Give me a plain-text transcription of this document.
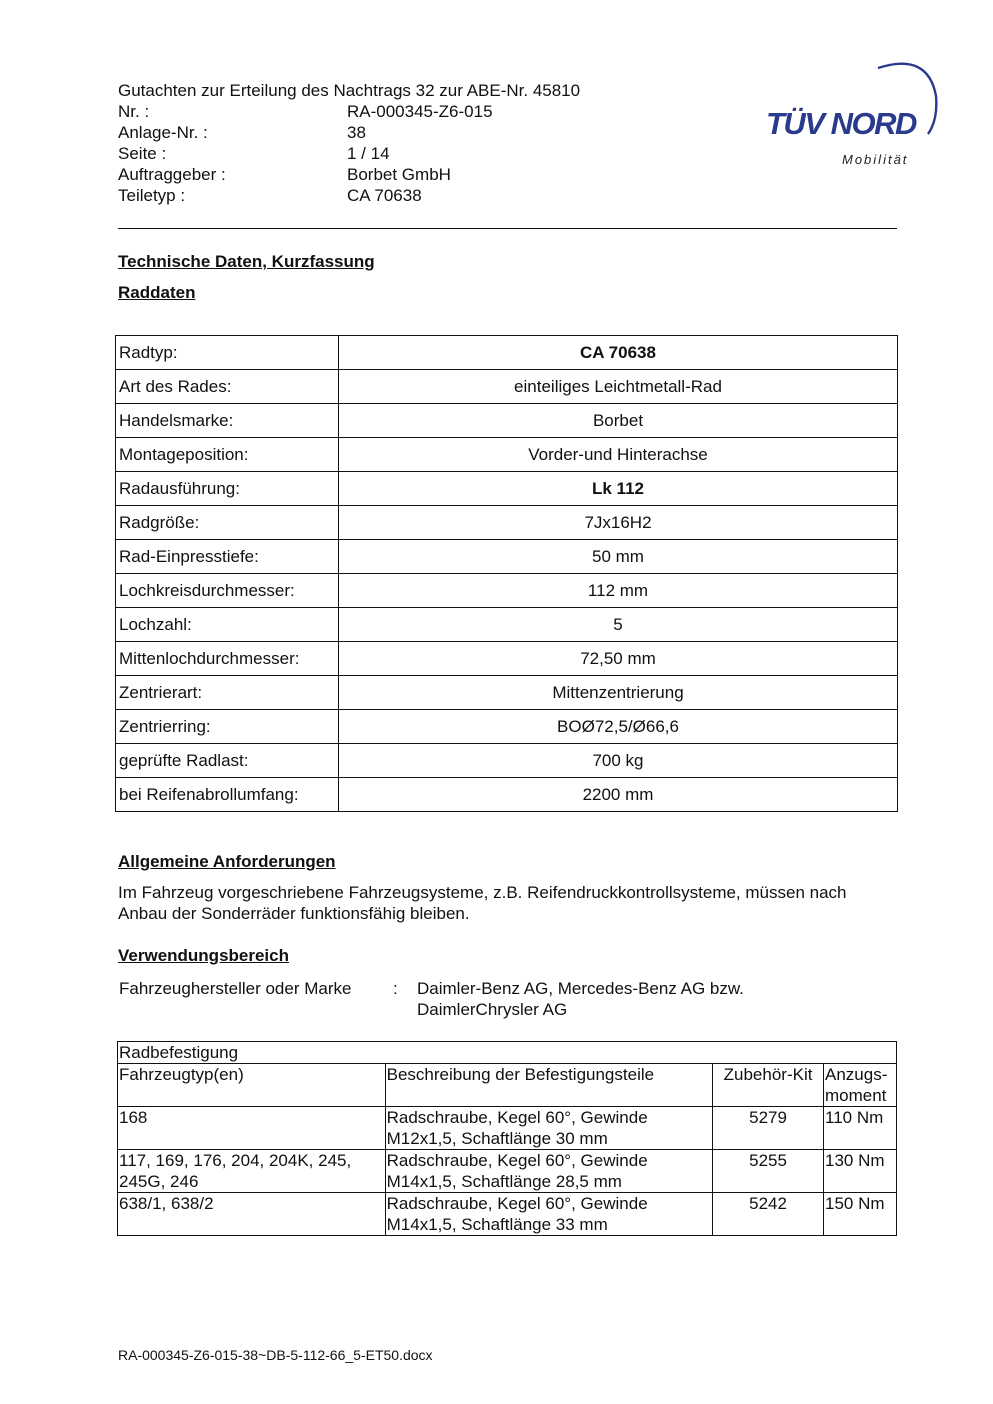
Gutachten zur Erteilung des Nachtrags 32 zur ABE-Nr. 45810
Nr. :	RA-000345-Z6-015
Anlage-Nr. :	38
Seite :	1 / 14
Auftraggeber :	Borbet GmbH
Teiletyp :	CA 70638
TÜV NORD
Mobilität
Technische Daten, Kurzfassung
Raddaten
Radtyp:	CA 70638
Art des Rades:	einteiliges Leichtmetall-Rad
Handelsmarke:	Borbet
Montageposition:	Vorder-und Hinterachse
Radausführung:	Lk 112
Radgröße:	7Jx16H2
Rad-Einpresstiefe:	50 mm
Lochkreisdurchmesser:	112 mm
Lochzahl:	5
Mittenlochdurchmesser:	72,50 mm
Zentrierart:	Mittenzentrierung
Zentrierring:	BOØ72,5/Ø66,6
geprüfte Radlast:	700 kg
bei Reifenabrollumfang:	2200 mm
Allgemeine Anforderungen
Im Fahrzeug vorgeschriebene Fahrzeugsysteme, z.B. Reifendruckkontrollsysteme, müssen nach Anbau der Sonderräder funktionsfähig bleiben.
Verwendungsbereich
Fahrzeughersteller oder Marke : Daimler-Benz AG, Mercedes-Benz AG bzw. DaimlerChrysler AG
Radbefestigung			
Fahrzeugtyp(en)	Beschreibung der Befestigungsteile	Zubehör-Kit	Anzugs- moment
168	Radschraube, Kegel 60°, Gewinde M12x1,5, Schaftlänge 30 mm	5279	110 Nm
117, 169, 176, 204, 204K, 245, 245G, 246	Radschraube, Kegel 60°, Gewinde M14x1,5, Schaftlänge 28,5 mm	5255	130 Nm
638/1, 638/2	Radschraube, Kegel 60°, Gewinde M14x1,5, Schaftlänge 33 mm	5242	150 Nm
RA-000345-Z6-015-38~DB-5-112-66_5-ET50.docx
